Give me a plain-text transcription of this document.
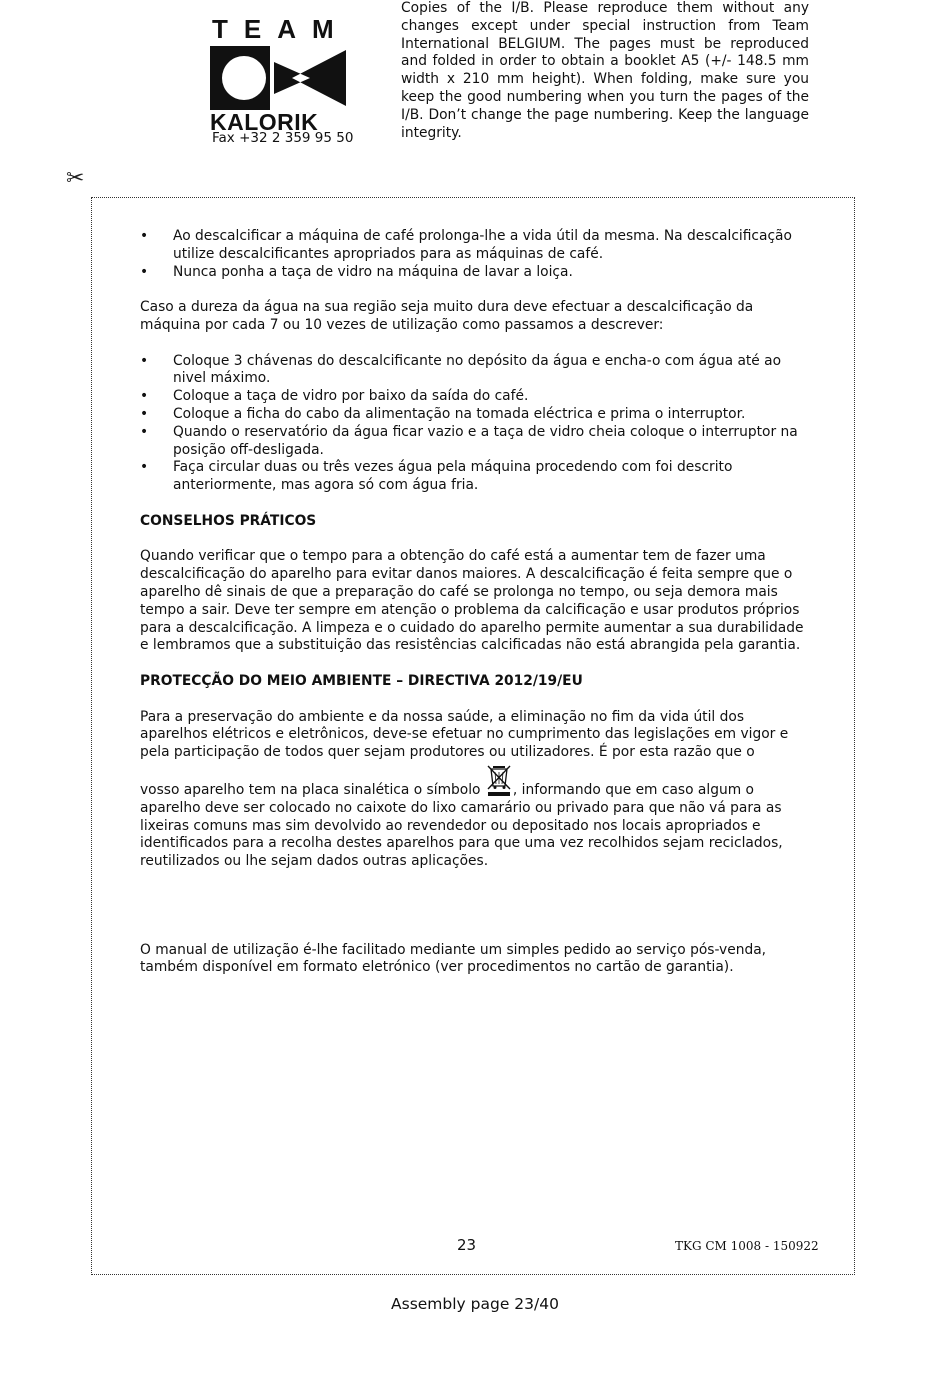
TEAM
KALORIK
Fax +32 2 359 95 50
Copies of the I/B. Please reproduce them without any changes except under special instruction from Team International BELGIUM. The pages must be reproduced and folded in order to obtain a booklet A5 (+/- 148.5 mm width x 210 mm height). When folding, make sure you keep the good numbering when you turn the pages of the I/B. Don’t change the page numbering. Keep the language integrity.
✂
• Ao descalcificar a máquina de café prolonga-lhe a vida útil da mesma. Na descalcificação utilize descalcificantes apropriados para as máquinas de café.
• Nunca ponha a taça de vidro na máquina de lavar a loiça.

Caso a dureza da água na sua região seja muito dura deve efectuar a descalcificação da máquina por cada 7 ou 10 vezes de utilização como passamos a descrever:

• Coloque 3 chávenas do descalcificante no depósito da água e encha-o com água até ao nivel máximo.
• Coloque a taça de vidro por baixo da saída do café.
• Coloque a ficha do cabo da alimentação na tomada eléctrica e prima o interruptor.
• Quando o reservatório da água ficar vazio e a taça de vidro cheia coloque o interruptor na posição off-desligada.
• Faça circular duas ou três vezes água pela máquina procedendo com foi descrito anteriormente, mas agora só com água fria.

CONSELHOS PRÁTICOS

Quando verificar que o tempo para a obtenção do café está a aumentar tem de fazer uma descalcificação do aparelho para evitar danos maiores. A descalcificação é feita sempre que o aparelho dê sinais de que a preparação do café se prolonga no tempo, ou seja demora mais tempo a sair. Deve ter sempre em atenção o problema da calcificação e usar produtos próprios para a descalcificação. A limpeza e o cuidado do aparelho permite aumentar a sua durabilidade e lembramos que a substituição das resistências calcificadas não está abrangida pela garantia.

PROTECÇÃO DO MEIO AMBIENTE – DIRECTIVA 2012/19/EU

Para a preservação do ambiente e da nossa saúde, a eliminação no fim da vida útil dos aparelhos elétricos e eletrônicos, deve-se efetuar no cumprimento das legislações em vigor e pela participação de todos quer sejam produtores ou utilizadores. É por esta razão que o

vosso aparelho tem na placa sinalética o símbolo , informando que em caso algum o aparelho deve ser colocado no caixote do lixo camarário ou privado para que não vá para as lixeiras comuns mas sim devolvido ao revendedor ou depositado nos locais apropriados e identificados para a recolha destes aparelhos para que uma vez recolhidos sejam reciclados, reutilizados ou lhe sejam dados outras aplicações.

O manual de utilização é-lhe facilitado mediante um simples pedido ao serviço pós-venda, também disponível em formato eletrónico (ver procedimentos no cartão de garantia).

23	TKG CM 1008 - 150922
Assembly page 23/40
